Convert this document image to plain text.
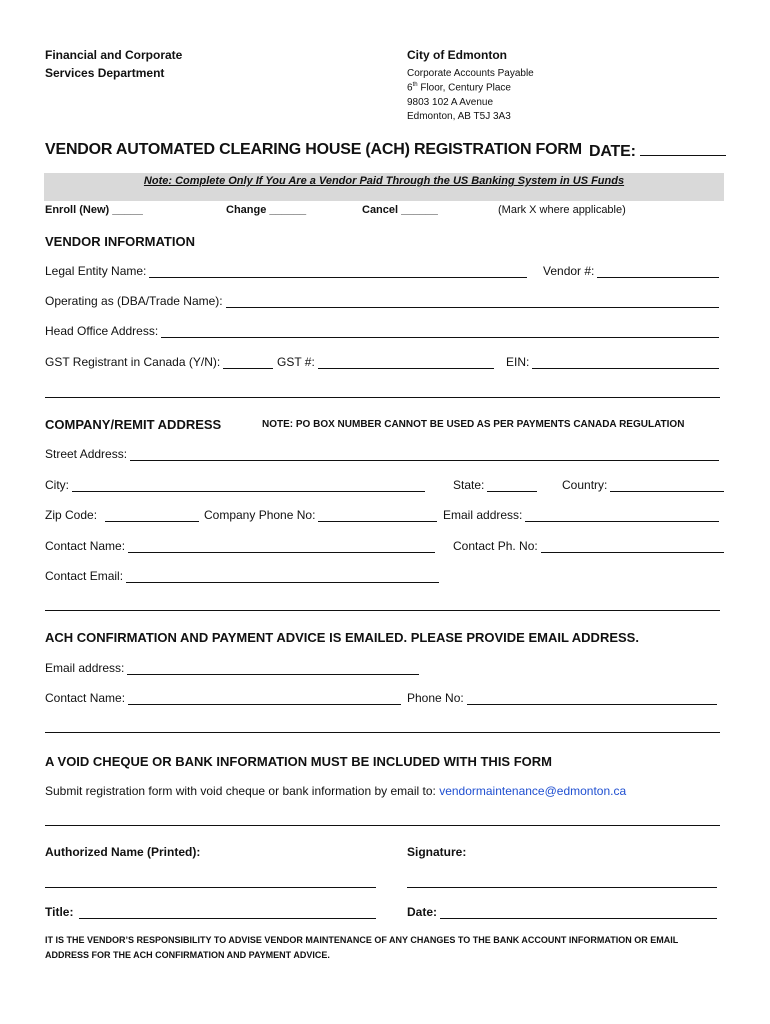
Financial and Corporate
Services Department
City of Edmonton
Corporate Accounts Payable
6th Floor, Century Place
9803 102 A Avenue
Edmonton, AB T5J 3A3
VENDOR AUTOMATED CLEARING HOUSE (ACH) REGISTRATION FORM DATE:
Note: Complete Only If You Are a Vendor Paid Through the US Banking System in US Funds
Enroll (New) _____	Change ______	Cancel ______	(Mark X where applicable)
VENDOR INFORMATION
Legal Entity Name:	Vendor #:
Operating as (DBA/Trade Name):
Head Office Address:
GST Registrant in Canada (Y/N):	GST #:	EIN:
COMPANY/REMIT ADDRESS	NOTE: PO BOX NUMBER CANNOT BE USED AS PER PAYMENTS CANADA REGULATION
Street Address:
City:	State:	Country:
Zip Code:	Company Phone No:	Email address:
Contact Name:	Contact Ph. No:
Contact Email:
ACH CONFIRMATION AND PAYMENT ADVICE IS EMAILED. PLEASE PROVIDE EMAIL ADDRESS.
Email address:
Contact Name:	Phone No:
A VOID CHEQUE OR BANK INFORMATION MUST BE INCLUDED WITH THIS FORM
Submit registration form with void cheque or bank information by email to: vendormaintenance@edmonton.ca
Authorized Name (Printed):	Signature:
Title:	Date:
IT IS THE VENDOR’S RESPONSIBILITY TO ADVISE VENDOR MAINTENANCE OF ANY CHANGES TO THE BANK ACCOUNT INFORMATION OR EMAIL
ADDRESS FOR THE ACH CONFIRMATION AND PAYMENT ADVICE.
